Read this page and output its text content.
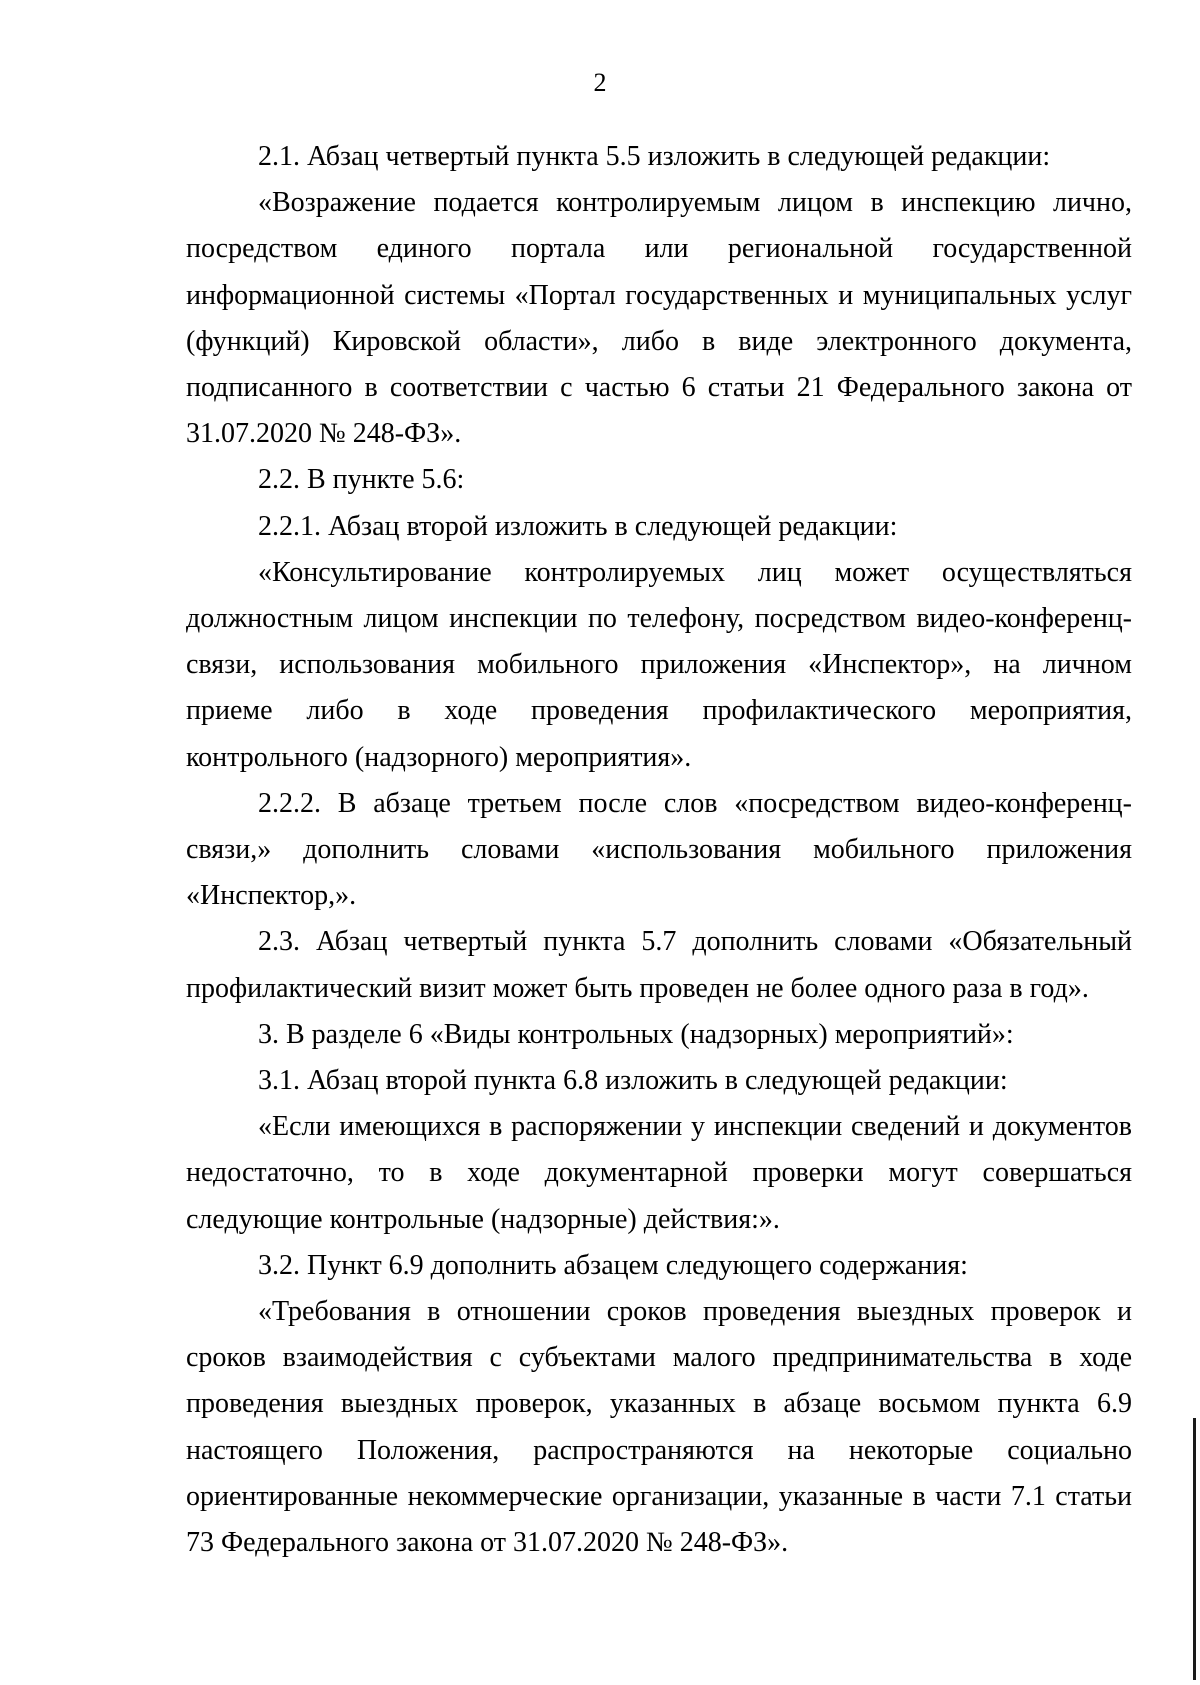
2

2.1. Абзац четвертый пункта 5.5 изложить в следующей редакции:

«Возражение подается контролируемым лицом в инспекцию лично, посредством единого портала или региональной государственной информационной системы «Портал государственных и муниципальных услуг (функций) Кировской области», либо в виде электронного документа, подписанного в соответствии с частью 6 статьи 21 Федерального закона от 31.07.2020 № 248-ФЗ».

2.2. В пункте 5.6:

2.2.1. Абзац второй изложить в следующей редакции:

«Консультирование контролируемых лиц может осуществляться должностным лицом инспекции по телефону, посредством видео-конференц-связи, использования мобильного приложения «Инспектор», на личном приеме либо в ходе проведения профилактического мероприятия, контрольного (надзорного) мероприятия».

2.2.2. В абзаце третьем после слов «посредством видео-конференц-связи,» дополнить словами «использования мобильного приложения «Инспектор,».

2.3. Абзац четвертый пункта 5.7 дополнить словами «Обязательный профилактический визит может быть проведен не более одного раза в год».

3. В разделе 6 «Виды контрольных (надзорных) мероприятий»:

3.1. Абзац второй пункта 6.8 изложить в следующей редакции:

«Если имеющихся в распоряжении у инспекции сведений и документов недостаточно, то в ходе документарной проверки могут совершаться следующие контрольные (надзорные) действия:».

3.2. Пункт 6.9 дополнить абзацем следующего содержания:

«Требования в отношении сроков проведения выездных проверок и сроков взаимодействия с субъектами малого предпринимательства в ходе проведения выездных проверок, указанных в абзаце восьмом пункта 6.9 настоящего Положения, распространяются на некоторые социально ориентированные некоммерческие организации, указанные в части 7.1 статьи 73 Федерального закона от 31.07.2020 № 248-ФЗ».
